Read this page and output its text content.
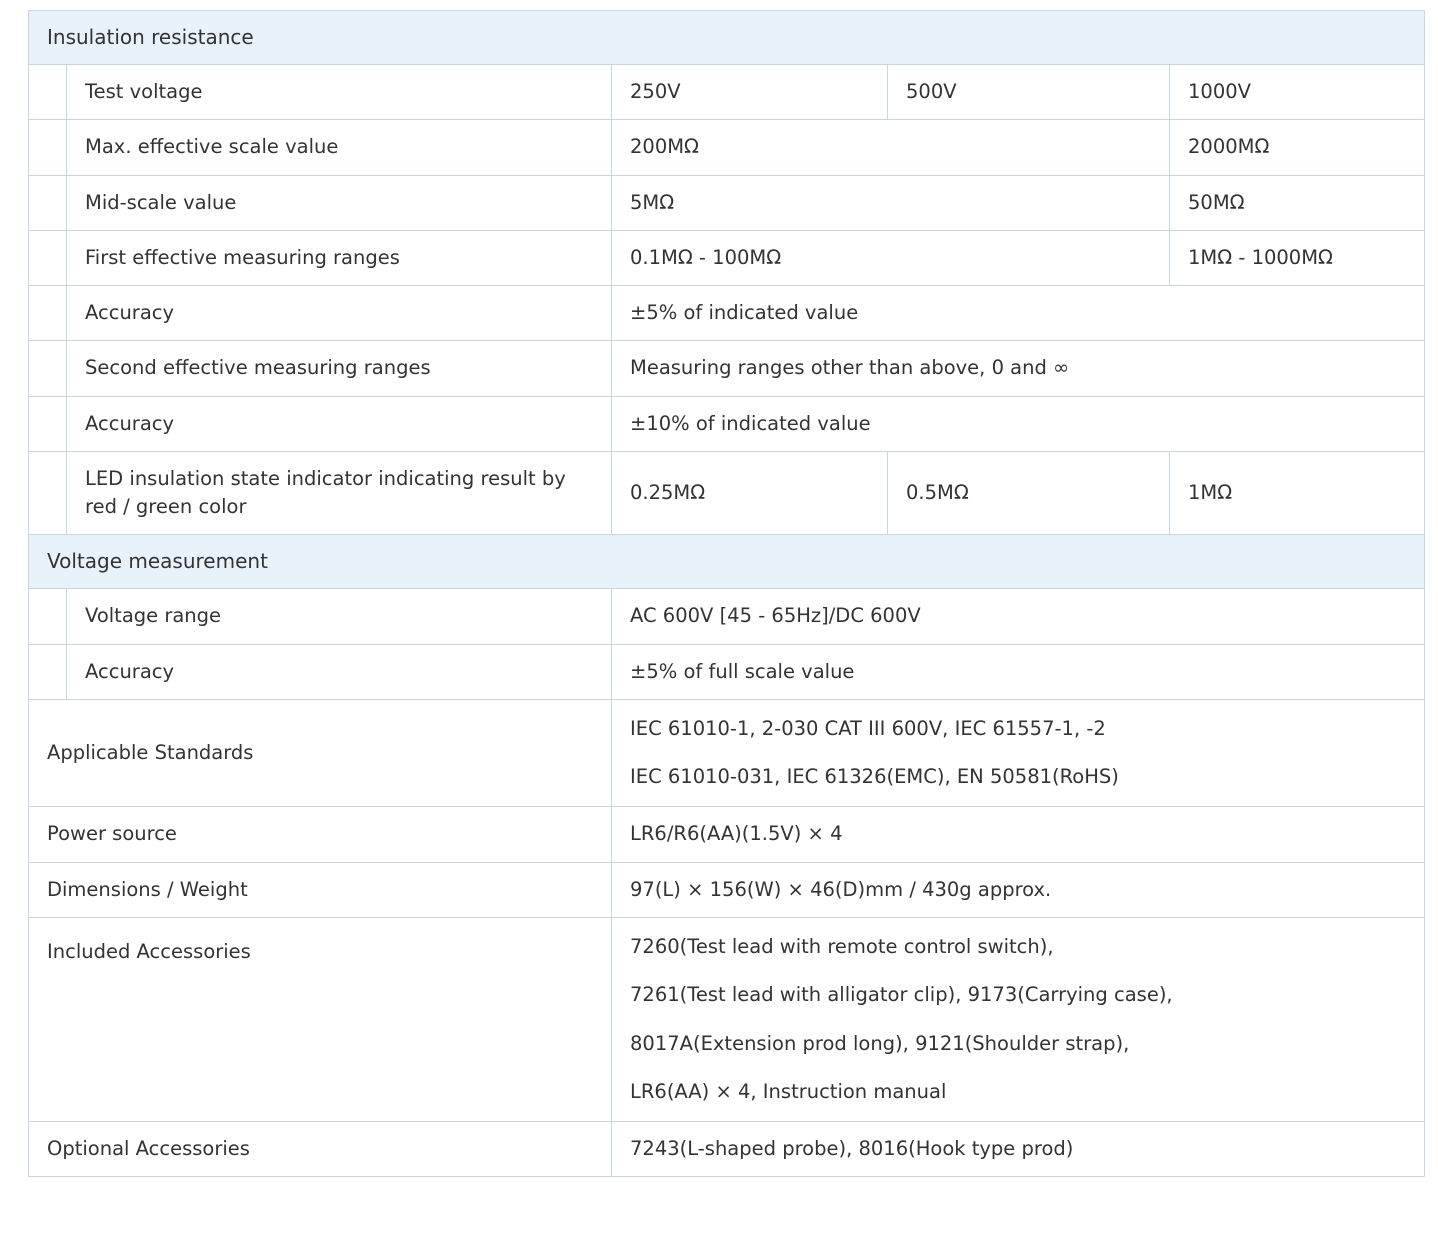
Insulation resistance				
	Test voltage	250V	500V	1000V
	Max. effective scale value	200MΩ		2000MΩ
	Mid-scale value	5MΩ		50MΩ
	First effective measuring ranges	0.1MΩ - 100MΩ		1MΩ - 1000MΩ
	Accuracy	±5% of indicated value		
	Second effective measuring ranges	Measuring ranges other than above, 0 and ∞		
	Accuracy	±10% of indicated value		
	LED insulation state indicator indicating result by red / green color	0.25MΩ	0.5MΩ	1MΩ
Voltage measurement				
	Voltage range	AC 600V [45 - 65Hz]/DC 600V		
	Accuracy	±5% of full scale value		
Applicable Standards		IEC 61010-1, 2-030 CAT III 600V, IEC 61557-1, -2
IEC 61010-031, IEC 61326(EMC), EN 50581(RoHS)		

Power source		LR6/R6(AA)(1.5V) × 4		
Dimensions / Weight		97(L) × 156(W) × 46(D)mm / 430g approx.		
Included Accessories		7260(Test lead with remote control switch),
7261(Test lead with alligator clip), 9173(Carrying case),
8017A(Extension prod long), 9121(Shoulder strap),
LR6(AA) × 4, Instruction manual		

Optional Accessories		7243(L-shaped probe), 8016(Hook type prod)		
